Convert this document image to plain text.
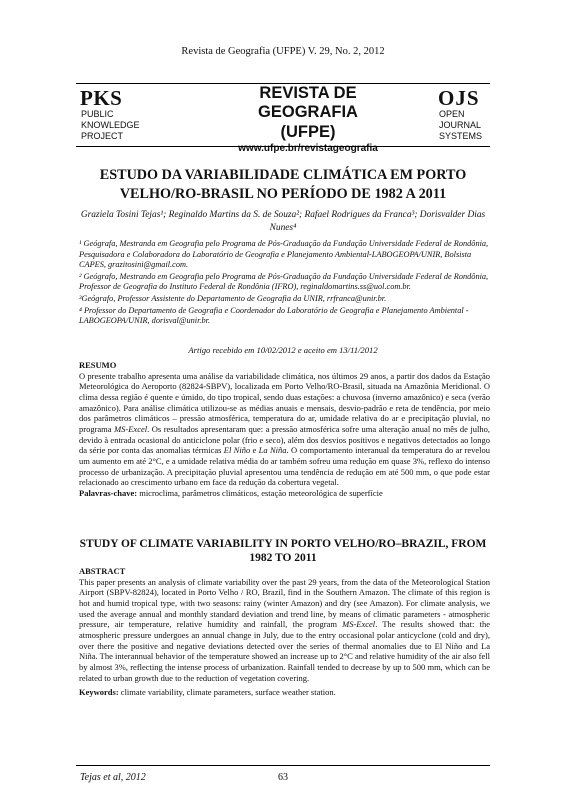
Revista de Geografia (UFPE) V. 29, No. 2, 2012
PKS
PUBLIC
KNOWLEDGE
PROJECT
REVISTA DE GEOGRAFIA
(UFPE)
www.ufpe.br/revistageografia
OJS
OPEN
JOURNAL
SYSTEMS
ESTUDO DA VARIABILIDADE CLIMÁTICA EM PORTO
VELHO/RO-BRASIL NO PERÍODO DE 1982 A 2011
Graziela Tosini Tejas¹; Reginaldo Martins da S. de Souza²; Rafael Rodrigues da Franca³; Dorisvalder Dias
Nunes⁴

¹ Geógrafa, Mestranda em Geografia pelo Programa de Pós-Graduação da Fundação Universidade Federal de Rondônia, Pesquisadora e Colaboradora do Laboratório de Geografia e Planejamento Ambiental-LABOGEOPA/UNIR, Bolsista CAPES, grazitosini@gmail.com.

² Geógrafo, Mestrando em Geografia pelo Programa de Pós-Graduação da Fundação Universidade Federal de Rondônia, Professor de Geografia do Instituto Federal de Rondônia (IFRO), reginaldomartins.ss@uol.com.br.

³Geógrafo, Professor Assistente do Departamento de Geografia da UNIR, rrfranca@unir.br.

⁴ Professor do Departamento de Geografia e Coordenador do Laboratório de Geografia e Planejamento Ambiental - LABOGEOPA/UNIR, dorisval@unir.br.

Artigo recebido em 10/02/2012 e aceito em 13/11/2012
RESUMO
O presente trabalho apresenta uma análise da variabilidade climática, nos últimos 29 anos, a partir dos dados da Estação Meteorológica do Aeroporto (82824-SBPV), localizada em Porto Velho/RO-Brasil, situada na Amazônia Meridional. O clima dessa região é quente e úmido, do tipo tropical, sendo duas estações: a chuvosa (inverno amazônico) e seca (verão amazônico). Para análise climática utilizou-se as médias anuais e mensais, desvio-padrão e reta de tendência, por meio dos parâmetros climáticos – pressão atmosférica, temperatura do ar, umidade relativa do ar e precipitação pluvial, no programa MS-Excel. Os resultados apresentaram que: a pressão atmosférica sofre uma alteração anual no mês de julho, devido à entrada ocasional do anticiclone polar (frio e seco), além dos desvios positivos e negativos detectados ao longo da série por conta das anomalias térmicas El Niño e La Niña. O comportamento interanual da temperatura do ar revelou um aumento em até 2°C, e a umidade relativa média do ar também sofreu uma redução em quase 3%, reflexo do intenso processo de urbanização. A precipitação pluvial apresentou uma tendência de redução em até 500 mm, o que pode estar relacionado ao crescimento urbano em face da redução da cobertura vegetal.
Palavras-chave: microclima, parâmetros climáticos, estação meteorológica de superfície
STUDY OF CLIMATE VARIABILITY IN PORTO VELHO/RO–BRAZIL, FROM
1982 TO 2011
ABSTRACT
This paper presents an analysis of climate variability over the past 29 years, from the data of the Meteorological Station Airport (SBPV-82824), located in Porto Velho / RO, Brazil, find in the Southern Amazon. The climate of this region is hot and humid tropical type, with two seasons: rainy (winter Amazon) and dry (see Amazon). For climate analysis, we used the average annual and monthly standard deviation and trend line, by means of climatic parameters - atmospheric pressure, air temperature, relative humidity and rainfall, the program MS-Excel. The results showed that: the atmospheric pressure undergoes an annual change in July, due to the entry occasional polar anticyclone (cold and dry), over there the positive and negative deviations detected over the series of thermal anomalies due to El Niño and La Niña. The interannual behavior of the temperature showed an increase up to 2°C and relative humidity of the air also fell by almost 3%, reflecting the intense process of urbanization. Rainfall tended to decrease by up to 500 mm, which can be related to urban growth due to the reduction of vegetation covering.
Keywords: climate variability, climate parameters, surface weather station.
Tejas et al, 2012	63
